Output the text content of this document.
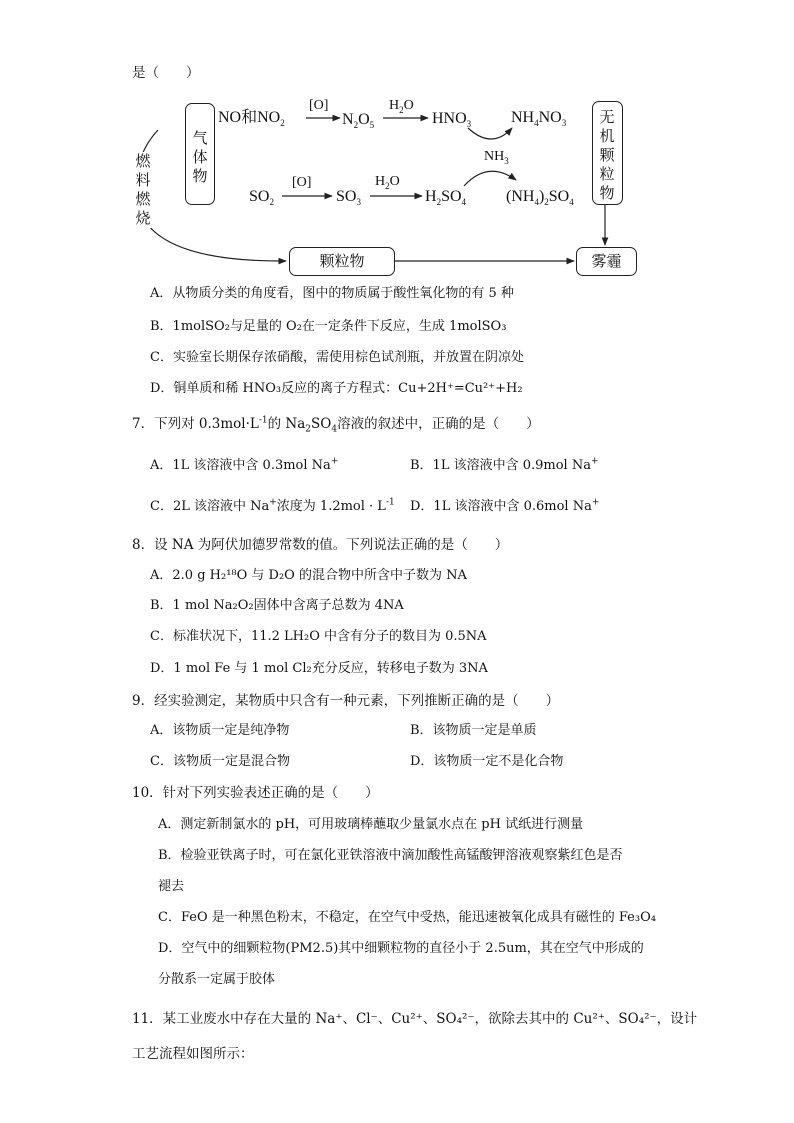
是（　　）
气体物
无机颗粒物
燃料燃烧
颗粒物	雾霾
NO和$NO_2$
[O]
$N_2O_5$
$H_2O$
$HNO_3$ $NH_4NO_3$
$SO_2$
[O]
$SO_3$
$H_2O$
$H_2SO_4$
$NH_3$
$(NH_4)_2SO_4$
A．从物质分类的角度看，图中的物质属于酸性氧化物的有 5 种
B．1molSO₂与足量的 O₂在一定条件下反应，生成 1molSO₃
C．实验室长期保存浓硝酸，需使用棕色试剂瓶，并放置在阴凉处
D．铜单质和稀 HNO₃反应的离子方程式：Cu+2H⁺=Cu²⁺+H₂
7．下列对 $0.3mol\cdot L^{-1}$的 $Na_2SO_4$溶液的叙述中，正确的是（　　）
A．1L 该溶液中含 0.3mol Na+	B．1L 该溶液中含 0.9mol Na+
C．2L 该溶液中 Na+浓度为 $1.2mol \cdot L^{-1}$ D．1L 该溶液中含 0.6mol Na+
8．设 NA 为阿伏加德罗常数的值。下列说法正确的是（　　）
A．2.0 g H₂¹⁸O 与 D₂O 的混合物中所含中子数为 NA
B．1 mol Na₂O₂固体中含离子总数为 4NA
C．标准状况下，11.2 LH₂O 中含有分子的数目为 0.5NA
D．1 mol Fe 与 1 mol Cl₂充分反应，转移电子数为 3NA
9．经实验测定，某物质中只含有一种元素，下列推断正确的是（　　）
A．该物质一定是纯净物	B．该物质一定是单质
C．该物质一定是混合物	D．该物质一定不是化合物
10．针对下列实验表述正确的是（　　）
A．测定新制氯水的 pH，可用玻璃棒蘸取少量氯水点在 pH 试纸进行测量
B．检验亚铁离子时，可在氯化亚铁溶液中滴加酸性高锰酸钾溶液观察紫红色是否
褪去
C．FeO 是一种黑色粉末，不稳定，在空气中受热，能迅速被氧化成具有磁性的 Fe₃O₄
D．空气中的细颗粒物(PM2.5)其中细颗粒物的直径小于 2.5um，其在空气中形成的
分散系一定属于胶体
11．某工业废水中存在大量的 Na⁺、Cl⁻、Cu²⁺、SO₄²⁻，欲除去其中的 Cu²⁺、SO₄²⁻，设计
工艺流程如图所示：
